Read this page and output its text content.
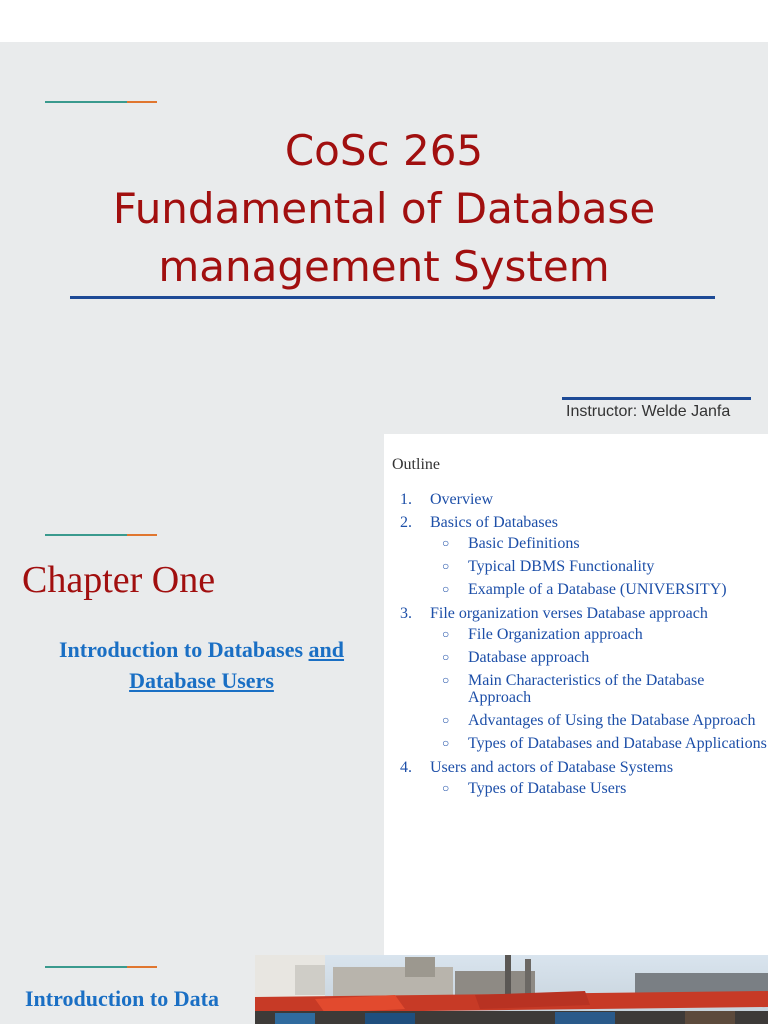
CoSc 265
Fundamental of Database
management System
Instructor: Welde Janfa
Chapter One
Introduction to Databases and
Database Users
Outline
1. Overview
2. Basics of Databases
○ Basic Definitions
○ Typical DBMS Functionality
○ Example of a Database (UNIVERSITY)
3. File organization verses Database approach
○ File Organization approach
○ Database approach
○ Main Characteristics of the Database Approach
○ Advantages of Using the Database Approach
○ Types of Databases and Database Applications
4. Users and actors of Database Systems
○ Types of Database Users
Introduction to Data
